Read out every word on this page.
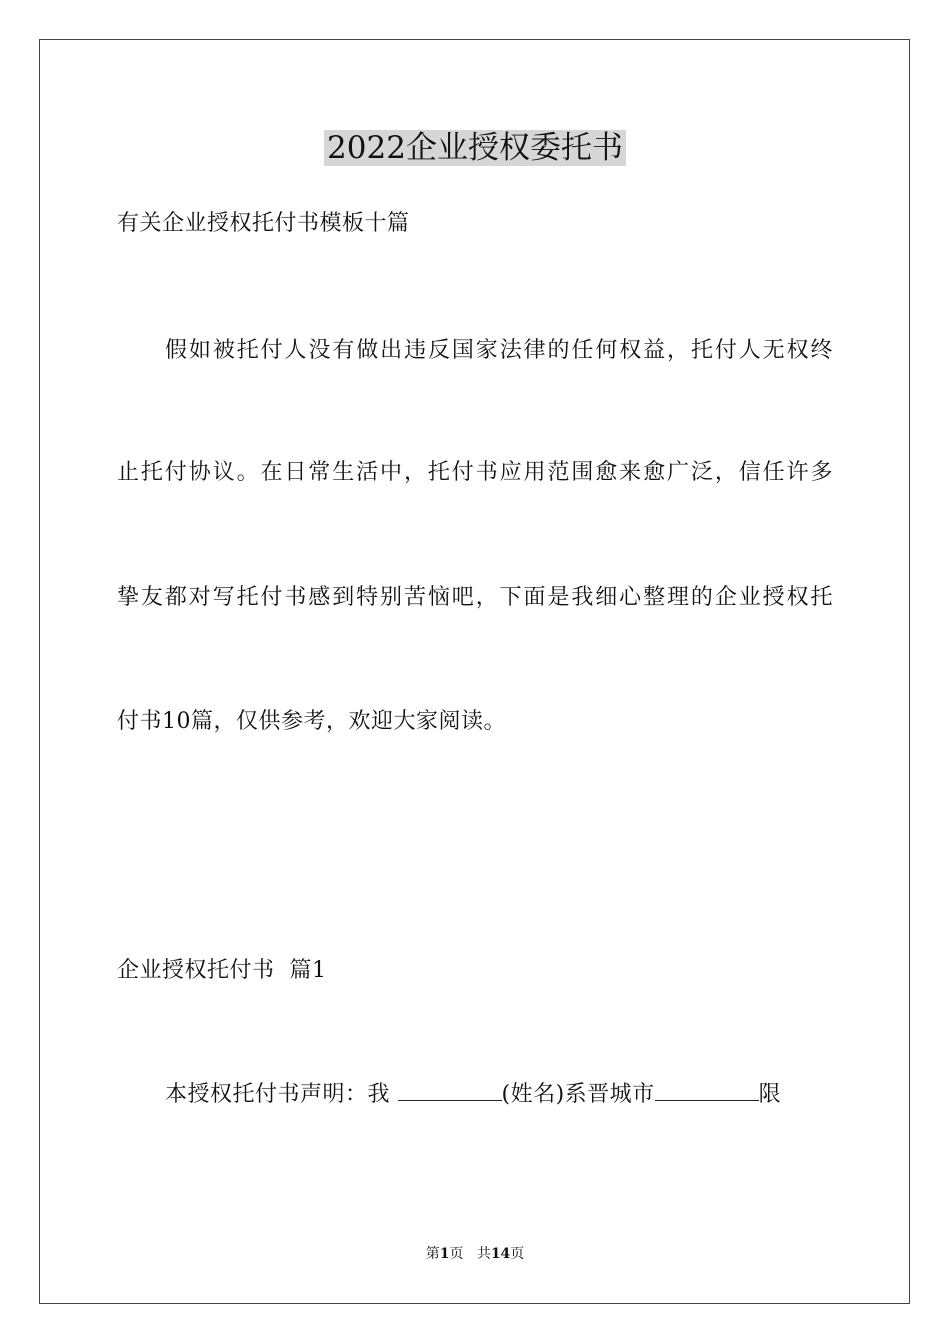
2022企业授权委托书
有关企业授权托付书模板十篇
假如被托付人没有做出违反国家法律的任何权益，托付人无权终
止托付协议。在日常生活中，托付书应用范围愈来愈广泛，信任许多
挚友都对写托付书感到特别苦恼吧，下面是我细心整理的企业授权托
付书10篇，仅供参考，欢迎大家阅读。
企业授权托付书  篇1
本授权托付书声明：我	(姓名)系晋城市	限
第1页 共14页
